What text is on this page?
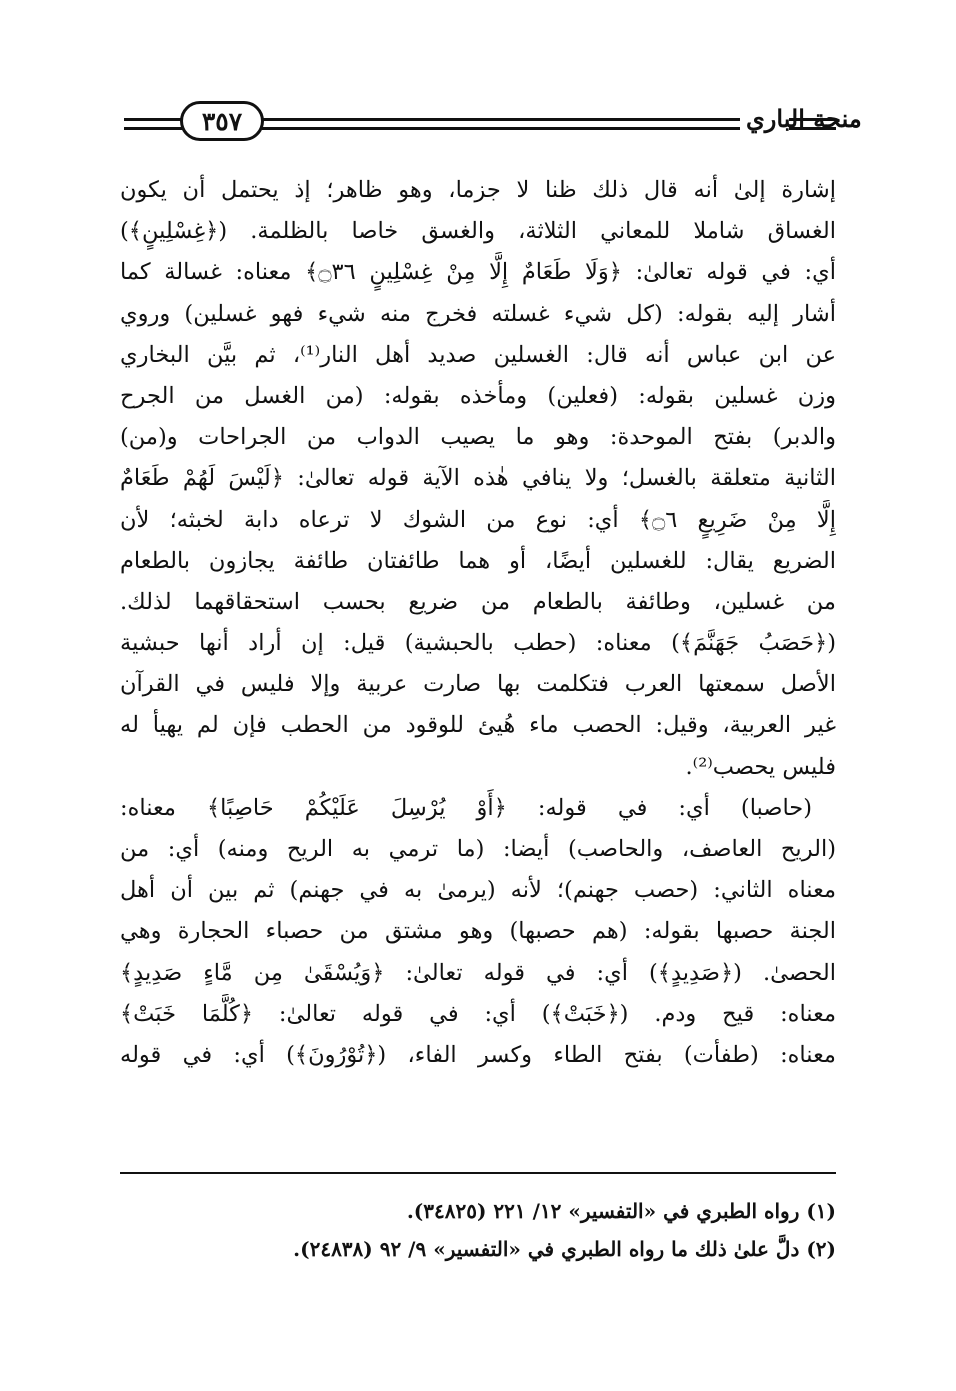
٣٥٧	منحة الباري
إشارة إلىٰ أنه قال ذلك ظنا لا جزما، وهو ظاهر؛ إذ يحتمل أن يكون
الغساق شاملا للمعاني الثلاثة، والغسق خاصا بالظلمة. (﴿غِسْلِينٍ﴾)
أي: في قوله تعالىٰ: ﴿وَلَا طَعَامٌ إِلَّا مِنْ غِسْلِينٍ ۝٣٦﴾ معناه: غسالة كما
أشار إليه بقوله: (كل شيء غسلته فخرج منه شيء فهو غسلين) وروي
عن ابن عباس أنه قال: الغسلين صديد أهل النار⁽¹⁾، ثم بيَّن البخاري
وزن غسلين بقوله: (فعلين) ومأخذه بقوله: (من الغسل من الجرح
والدبر) بفتح الموحدة: وهو ما يصيب الدواب من الجراحات و(من)
الثانية متعلقة بالغسل؛ ولا ينافي هٰذه الآية قوله تعالىٰ: ﴿لَيْسَ لَهُمْ طَعَامٌ
إِلَّا مِنْ ضَرِيعٍ ۝٦﴾ أي: نوع من الشوك لا ترعاه دابة لخبثه؛ لأن
الضريع يقال: للغسلين أيضًا، أو هما طائفتان طائفة يجازون بالطعام
من غسلين، وطائفة بالطعام من ضريع بحسب استحقاقهما لذلك.
(﴿حَصَبُ جَهَنَّمَ﴾) معناه: (حطب بالحبشية) قيل: إن أراد أنها حبشية
الأصل سمعتها العرب فتكلمت بها صارت عربية وإلا فليس في القرآن
غير العربية، وقيل: الحصب ماء هُيئ للوقود من الحطب فإن لم يهيأ له
فليس يحصب⁽²⁾.
(حاصبا) أي: في قوله: ﴿أَوْ يُرْسِلَ عَلَيْكُمْ حَاصِبًا﴾ معناه:
(الريح العاصف، والحاصب) أيضا: (ما ترمي به الريح ومنه) أي: من
معناه الثاني: (حصب جهنم)؛ لأنه (يرمىٰ به في جهنم) ثم بين أن أهل
الجنة حصبها بقوله: (هم حصبها) وهو مشتق من حصباء الحجارة وهي
الحصىٰ. (﴿صَدِيدٍ﴾) أي: في قوله تعالىٰ: ﴿وَيُسْقَىٰ مِن مَّاءٍ صَدِيدٍ﴾
معناه: قيح ودم. (﴿خَبَتْ﴾) أي: في قوله تعالىٰ: ﴿كُلَّمَا خَبَتْ﴾
معناه: (طفأت) بفتح الطاء وكسر الفاء، (﴿تُوْرُونَ﴾) أي: في قوله
(١) رواه الطبري في «التفسير» ١٢/ ٢٢١ (٣٤٨٢٥).
(٢) دلَّ علىٰ ذلك ما رواه الطبري في «التفسير» ٩/ ٩٢ (٢٤٨٣٨).
